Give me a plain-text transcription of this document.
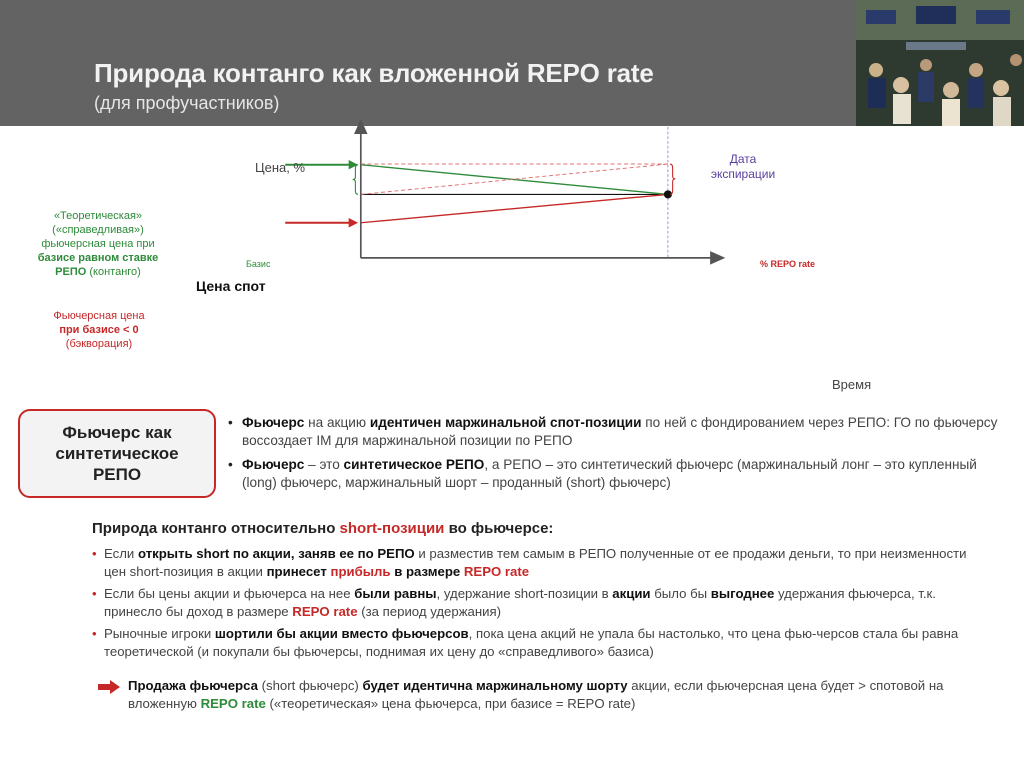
Природа контанго как вложенной REPO rate
(для профучастников)
Цена, %
Время
Дата
экспирации
«Теоретическая»
(«справедливая»)
фьючерсная цена при
базисе равном ставке
РЕПО (контанго)
Цена спот
Базис	% REPO rate
Фьючерсная цена
при базисе < 0
(бэкворация)
Фьючерс как
синтетическое
РЕПО
• Фьючерс на акцию идентичен маржинальной спот-позиции по ней с фондированием через РЕПО: ГО по фьючерсу воссоздает IM для маржинальной позиции по РЕПО
• Фьючерс – это синтетическое РЕПО, а РЕПО – это синтетический фьючерс (маржинальный лонг – это купленный (long) фьючерс, маржинальный шорт – проданный (short) фьючерс)
Природа контанго относительно short-позиции во фьючерсе:
• Если открыть short по акции, заняв ее по РЕПО и разместив тем самым в РЕПО полученные от ее продажи деньги, то при неизменности цен short-позиция в акции принесет прибыль в размере REPO rate
• Если бы цены акции и фьючерса на нее были равны, удержание short-позиции в акции было бы выгоднее удержания фьючерса, т.к. принесло бы доход в размере REPO rate (за период удержания)
• Рыночные игроки шортили бы акции вместо фьючерсов, пока цена акций не упала бы настолько, что цена фью-черсов стала бы равна теоретической (и покупали бы фьючерсы, поднимая их цену до «справедливого» базиса)
Продажа фьючерса (short фьючерс) будет идентична маржинальному шорту акции, если фьючерсная цена будет > спотовой на вложенную REPO rate («теоретическая» цена фьючерса, при базисе = REPO rate)
